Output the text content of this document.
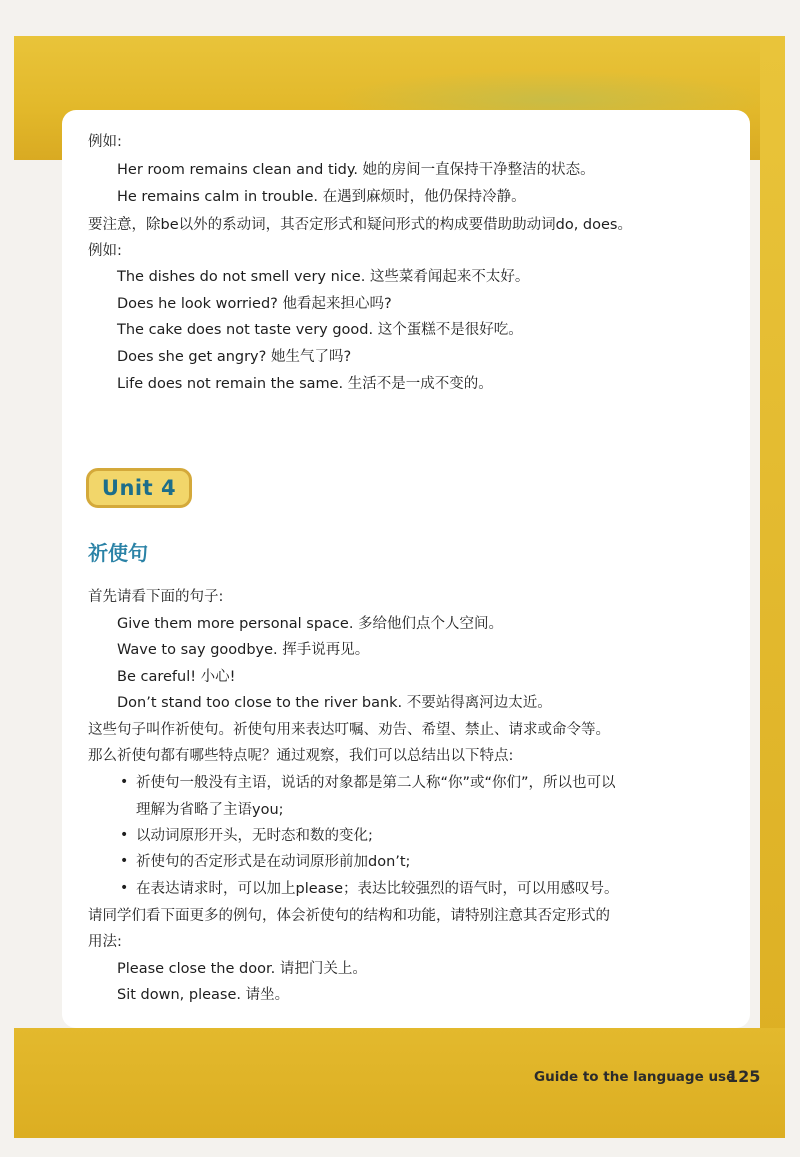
例如:
Her room remains clean and tidy. 她的房间一直保持干净整洁的状态。
He remains calm in trouble. 在遇到麻烦时，他仍保持冷静。
要注意，除be以外的系动词，其否定形式和疑问形式的构成要借助助动词do, does。
例如:
The dishes do not smell very nice. 这些菜肴闻起来不太好。
Does he look worried? 他看起来担心吗?
The cake does not taste very good. 这个蛋糕不是很好吃。
Does she get angry? 她生气了吗?
Life does not remain the same. 生活不是一成不变的。
Unit 4
祈使句
首先请看下面的句子:
Give them more personal space. 多给他们点个人空间。
Wave to say goodbye. 挥手说再见。
Be careful! 小心!
Don’t stand too close to the river bank. 不要站得离河边太近。
这些句子叫作祈使句。祈使句用来表达叮嘱、劝告、希望、禁止、请求或命令等。
那么祈使句都有哪些特点呢？通过观察，我们可以总结出以下特点:
• 祈使句一般没有主语，说话的对象都是第二人称“你”或“你们”，所以也可以
理解为省略了主语you;
• 以动词原形开头，无时态和数的变化;
• 祈使句的否定形式是在动词原形前加don’t;
• 在表达请求时，可以加上please；表达比较强烈的语气时，可以用感叹号。
请同学们看下面更多的例句，体会祈使句的结构和功能，请特别注意其否定形式的
用法:
Please close the door. 请把门关上。
Sit down, please. 请坐。
Guide to the language use
125
